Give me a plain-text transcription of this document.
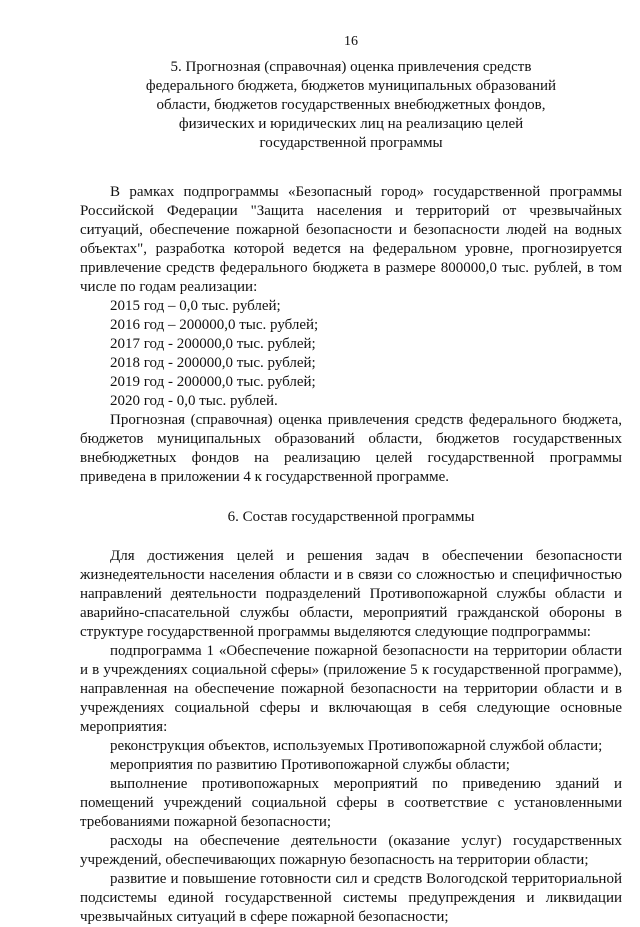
16
5. Прогнозная (справочная) оценка привлечения средств
федерального бюджета, бюджетов муниципальных образований
области, бюджетов государственных внебюджетных фондов,
физических и юридических лиц на реализацию целей
государственной программы

В рамках подпрограммы «Безопасный город» государственной программы Российской Федерации "Защита населения и территорий от чрезвычайных ситуаций, обеспечение пожарной безопасности и безопасности людей на водных объектах", разработка которой ведется на федеральном уровне, прогнозируется привлечение средств федерального бюджета в размере 800000,0 тыс. рублей, в том числе по годам реализации:

2015 год – 0,0 тыс. рублей;

2016 год – 200000,0 тыс. рублей;

2017 год - 200000,0 тыс. рублей;

2018 год - 200000,0 тыс. рублей;

2019 год - 200000,0 тыс. рублей;

2020 год - 0,0 тыс. рублей.

Прогнозная (справочная) оценка привлечения средств федерального бюджета, бюджетов муниципальных образований области, бюджетов государственных внебюджетных фондов на реализацию целей государственной программы приведена в приложении 4 к государственной программе.

6. Состав государственной программы

Для достижения целей и решения задач в обеспечении безопасности жизнедеятельности населения области и в связи со сложностью и специфичностью направлений деятельности подразделений Противопожарной службы области и аварийно-спасательной службы области, мероприятий гражданской обороны в структуре государственной программы выделяются следующие подпрограммы:

подпрограмма 1 «Обеспечение пожарной безопасности на территории области и в учреждениях социальной сферы» (приложение 5 к государственной программе), направленная на обеспечение пожарной безопасности на территории области и в учреждениях социальной сферы и включающая в себя следующие основные мероприятия:

реконструкция объектов, используемых Противопожарной службой области;

мероприятия по развитию Противопожарной службы области;

выполнение противопожарных мероприятий по приведению зданий и помещений учреждений социальной сферы в соответствие с установленными требованиями пожарной безопасности;

расходы на обеспечение деятельности (оказание услуг) государственных учреждений, обеспечивающих пожарную безопасность на территории области;

развитие и повышение готовности сил и средств Вологодской территориальной подсистемы единой государственной системы предупреждения и ликвидации чрезвычайных ситуаций в сфере пожарной безопасности;
